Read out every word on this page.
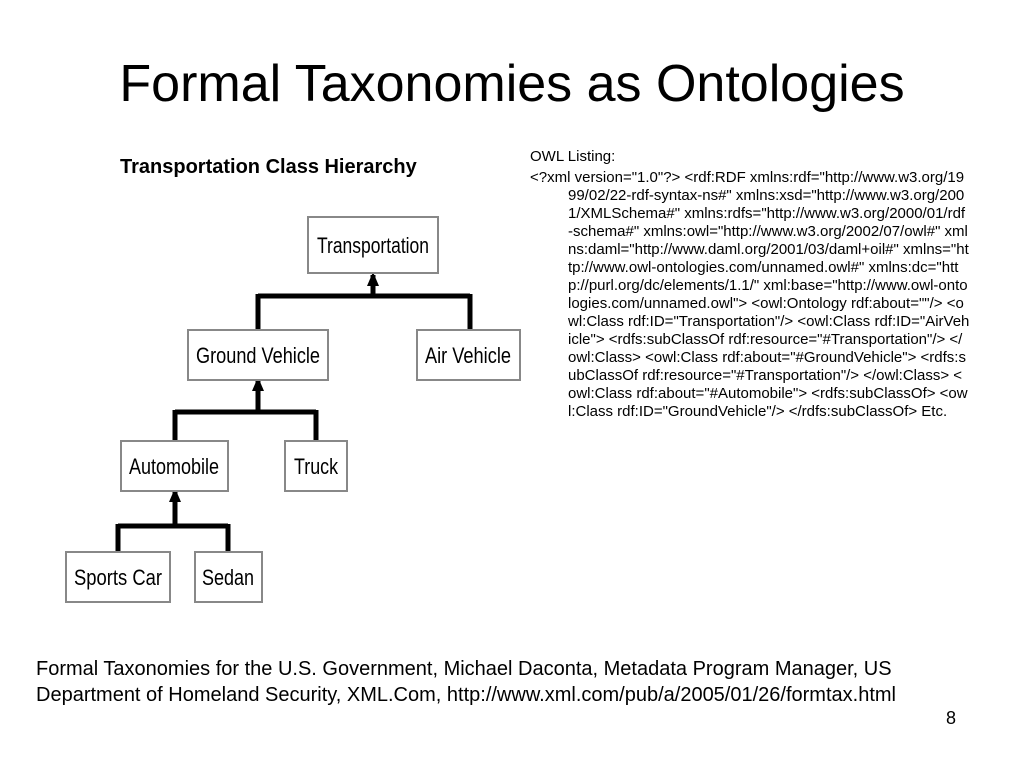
Formal Taxonomies as Ontologies
Transportation Class Hierarchy
Transportation
Ground Vehicle	Air Vehicle
Automobile	Truck
Sports Car Sedan

OWL Listing:

<?xml version="1.0"?> <rdf:RDF xmlns:rdf="http://www.w3.org/1999/02/22-rdf-syntax-ns#" xmlns:xsd="http://www.w3.org/2001/XMLSchema#" xmlns:rdfs="http://www.w3.org/2000/01/rdf-schema#" xmlns:owl="http://www.w3.org/2002/07/owl#" xmlns:daml="http://www.daml.org/2001/03/daml+oil#" xmlns="http://www.owl-ontologies.com/unnamed.owl#" xmlns:dc="http://purl.org/dc/elements/1.1/" xml:base="http://www.owl-ontologies.com/unnamed.owl"> <owl:Ontology rdf:about=""/> <owl:Class rdf:ID="Transportation"/> <owl:Class rdf:ID="AirVehicle"> <rdfs:subClassOf rdf:resource="#Transportation"/> </owl:Class> <owl:Class rdf:about="#GroundVehicle"> <rdfs:subClassOf rdf:resource="#Transportation"/> </owl:Class> <owl:Class rdf:about="#Automobile"> <rdfs:subClassOf> <owl:Class rdf:ID="GroundVehicle"/> </rdfs:subClassOf> Etc.

Formal Taxonomies for the U.S. Government, Michael Daconta, Metadata Program Manager, US Department of Homeland Security, XML.Com, http://www.xml.com/pub/a/2005/01/26/formtax.html
8
